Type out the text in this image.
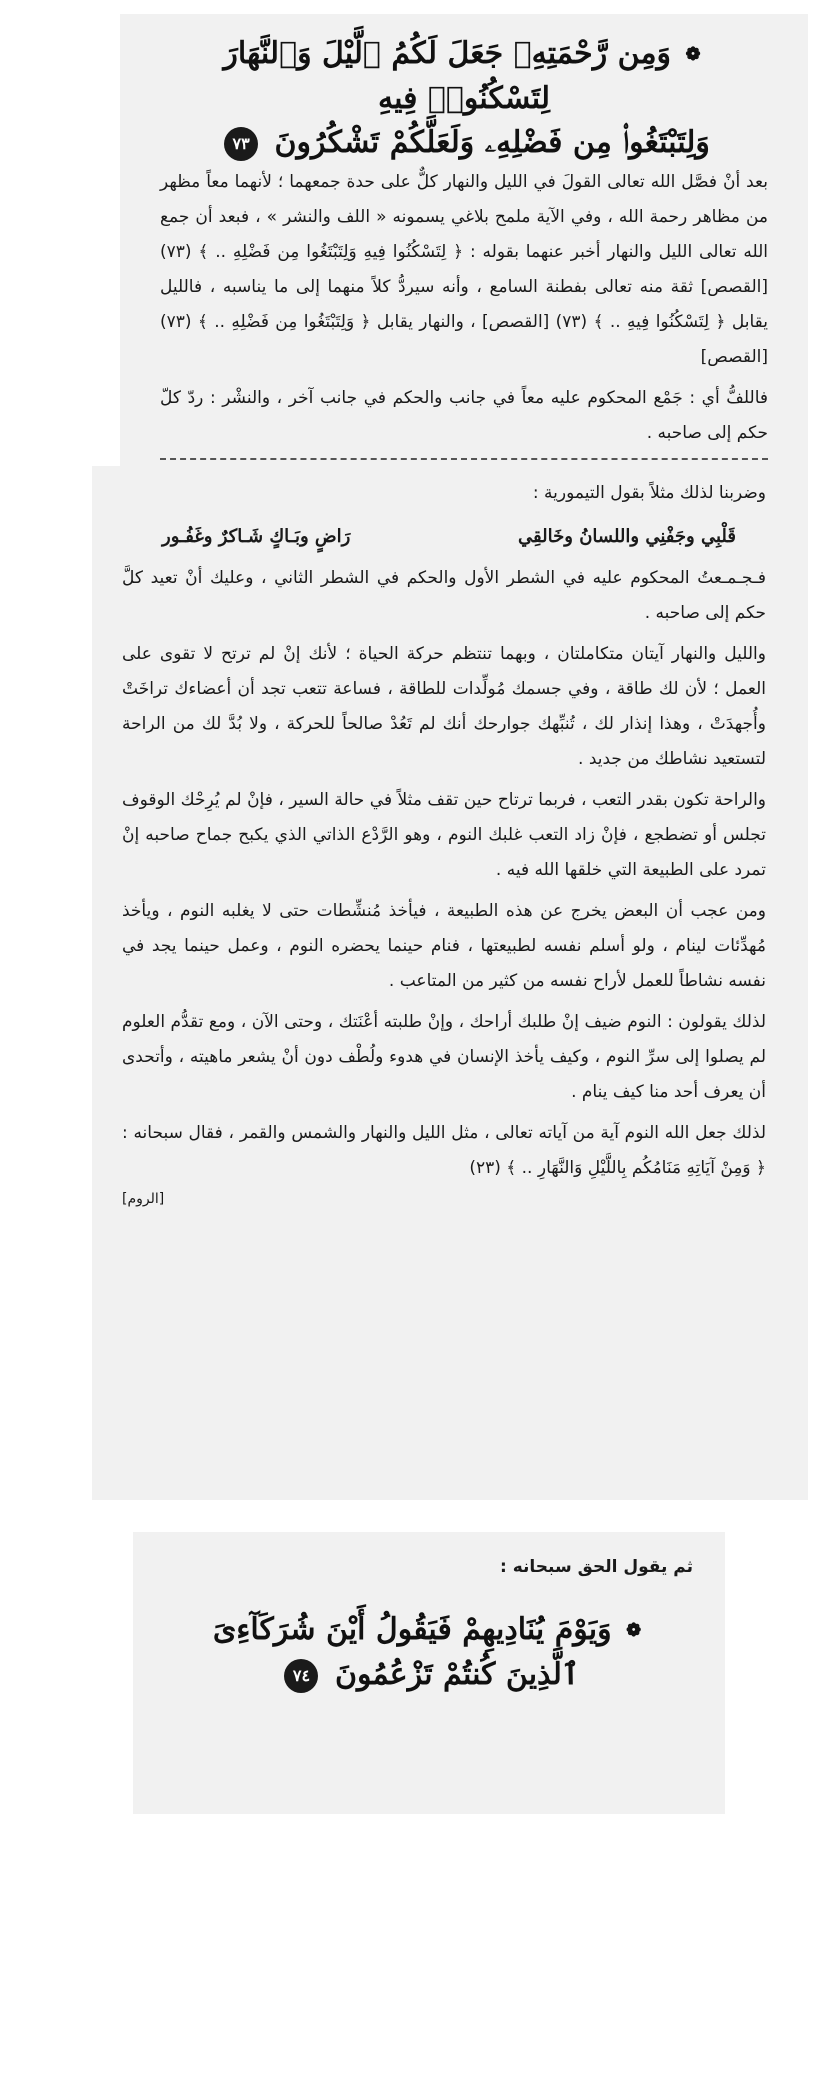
❁ وَمِن رَّحْمَتِهِۦ جَعَلَ لَكُمُ ٱلَّيْلَ وَٱلنَّهَارَ لِتَسْكُنُوا۟ فِيهِ

وَلِتَبْتَغُوا۟ مِن فَضْلِهِۦ وَلَعَلَّكُمْ تَشْكُرُونَ ٧٣

بعد أنْ فصَّل الله تعالى القولَ في الليل والنهار كلٌّ على حدة جمعهما ؛ لأنهما معاً مظهر من مظاهر رحمة الله ، وفي الآية ملمح بلاغي يسمونه « اللف والنشر » ، فبعد أن جمع الله تعالى الليل والنهار أخبر عنهما بقوله : ﴿ لِتَسْكُنُوا فِيهِ وَلِتَبْتَغُوا مِن فَضْلِهِ .. ﴾ (٧٣) [القصص] ثقة منه تعالى بفطنة السامع ، وأنه سيردُّ كلاً منهما إلى ما يناسبه ، فالليل يقابل ﴿ لِتَسْكُنُوا فِيهِ .. ﴾ (٧٣) [القصص] ، والنهار يقابل ﴿ وَلِتَبْتَغُوا مِن فَضْلِهِ .. ﴾ (٧٣) [القصص]

فاللفُّ أي : جَمْع المحكوم عليه معاً في جانب والحكم في جانب آخر ، والنشْر : ردّ كلّ حكم إلى صاحبه .

وضربنا لذلك مثلاً بقول التيمورية :

قَلْبِي وجَفْنِي واللسانُ وخَالقِي
رَاضٍ وبَـاكٍ شَـاكرٌ وغَفُـور

فـجـمـعتُ المحكوم عليه في الشطر الأول والحكم في الشطر الثاني ، وعليك أنْ تعيد كلَّ حكم إلى صاحبه .

والليل والنهار آيتان متكاملتان ، وبهما تنتظم حركة الحياة ؛ لأنك إنْ لم ترتح لا تقوى على العمل ؛ لأن لك طاقة ، وفي جسمك مُولِّدات للطاقة ، فساعة تتعب تجد أن أعضاءك تراخَتْ وأُجهدَتْ ، وهذا إنذار لك ، تُنبِّهك جوارحك أنك لم تَعُدْ صالحاً للحركة ، ولا بُدَّ لك من الراحة لتستعيد نشاطك من جديد .

والراحة تكون بقدر التعب ، فربما ترتاح حين تقف مثلاً في حالة السير ، فإنْ لم يُرِحْك الوقوف تجلس أو تضطجع ، فإنْ زاد التعب غلبك النوم ، وهو الرَّدْع الذاتي الذي يكبح جماح صاحبه إنْ تمرد على الطبيعة التي خلقها الله فيه .

ومن عجب أن البعض يخرج عن هذه الطبيعة ، فيأخذ مُنشِّطات حتى لا يغلبه النوم ، ويأخذ مُهدِّئات لينام ، ولو أسلم نفسه لطبيعتها ، فنام حينما يحضره النوم ، وعمل حينما يجد في نفسه نشاطاً للعمل لأراح نفسه من كثير من المتاعب .

لذلك يقولون : النوم ضيف إنْ طلبك أراحك ، وإنْ طلبته أعْنَتك ، وحتى الآن ، ومع تقدُّم العلوم لم يصلوا إلى سرِّ النوم ، وكيف يأخذ الإنسان في هدوء ولُطْف دون أنْ يشعر ماهيته ، وأتحدى أن يعرف أحد منا كيف ينام .

لذلك جعل الله النوم آية من آياته تعالى ، مثل الليل والنهار والشمس والقمر ، فقال سبحانه : ﴿ وَمِنْ آيَاتِهِ مَنَامُكُم بِاللَّيْلِ وَالنَّهَارِ .. ﴾ (٢٣)

[الروم]

ثم يقول الحق سبحانه :

❁ وَيَوْمَ يُنَادِيهِمْ فَيَقُولُ أَيْنَ شُرَكَآءِىَ

ٱلَّذِينَ كُنتُمْ تَزْعُمُونَ ٧٤
